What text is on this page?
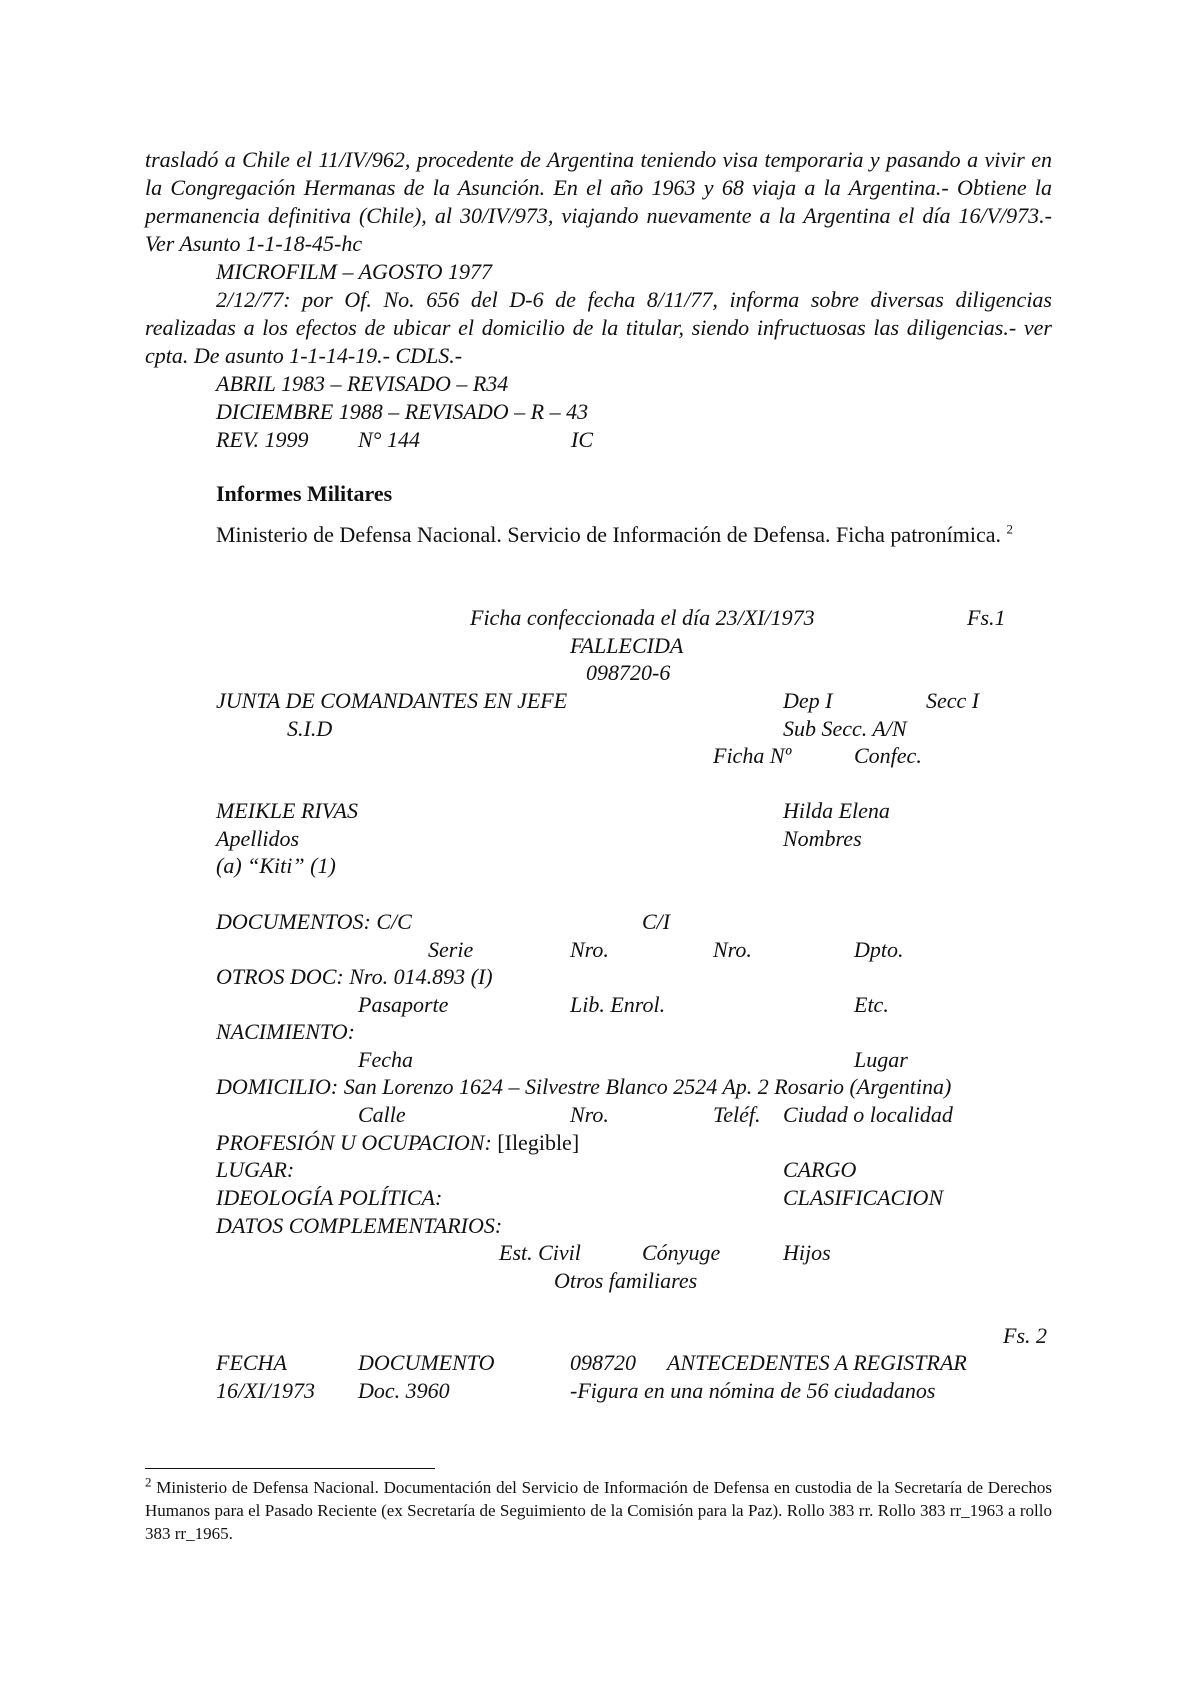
trasladó a Chile el 11/IV/962, procedente de Argentina teniendo visa temporaria y pasando a vivir en la Congregación Hermanas de la Asunción. En el año 1963 y 68 viaja a la Argentina.- Obtiene la permanencia definitiva (Chile), al 30/IV/973, viajando nuevamente a la Argentina el día 16/V/973.- Ver Asunto 1-1-18-45-hc
MICROFILM – AGOSTO 1977
2/12/77: por Of. No. 656 del D-6 de fecha 8/11/77, informa sobre diversas diligencias realizadas a los efectos de ubicar el domicilio de la titular, siendo infructuosas las diligencias.- ver cpta. De asunto 1-1-14-19.- CDLS.-
ABRIL 1983 – REVISADO – R34
DICIEMBRE 1988 – REVISADO – R – 43
REV. 1999 N° 144	IC
Informes Militares
Ministerio de Defensa Nacional. Servicio de Información de Defensa. Ficha patronímica. $^2$
Ficha confeccionada el día 23/XI/1973	Fs.1
FALLECIDA
098720-6
JUNTA DE COMANDANTES EN JEFE	Dep I	Secc I
S.I.D	Sub Secc. A/N
Ficha Nº	Confec.
MEIKLE RIVAS	Hilda Elena
Apellidos	Nombres
(a) “Kiti” (1)
DOCUMENTOS: C/C	C/I
Serie	Nro.	Nro.	Dpto.
OTROS DOC: Nro. 014.893 (I)
Pasaporte	Lib. Enrol.	Etc.
NACIMIENTO:
Fecha	Lugar
DOMICILIO: San Lorenzo 1624 – Silvestre Blanco 2524 Ap. 2 Rosario (Argentina)
Calle	Nro.	Teléf. Ciudad o localidad
PROFESIÓN U OCUPACION: [Ilegible]
LUGAR:	CARGO
IDEOLOGÍA POLÍTICA:	CLASIFICACION
DATOS COMPLEMENTARIOS:
Est. Civil	Cónyuge	Hijos
Otros familiares
Fs. 2
FECHA	DOCUMENTO	098720 ANTECEDENTES A REGISTRAR
16/XI/1973 Doc. 3960	-Figura en una nómina de 56 ciudadanos
$^2$ Ministerio de Defensa Nacional. Documentación del Servicio de Información de Defensa en custodia de la Secretaría de Derechos Humanos para el Pasado Reciente (ex Secretaría de Seguimiento de la Comisión para la Paz). Rollo 383 rr. Rollo 383 rr_1963 a rollo 383 rr_1965.
